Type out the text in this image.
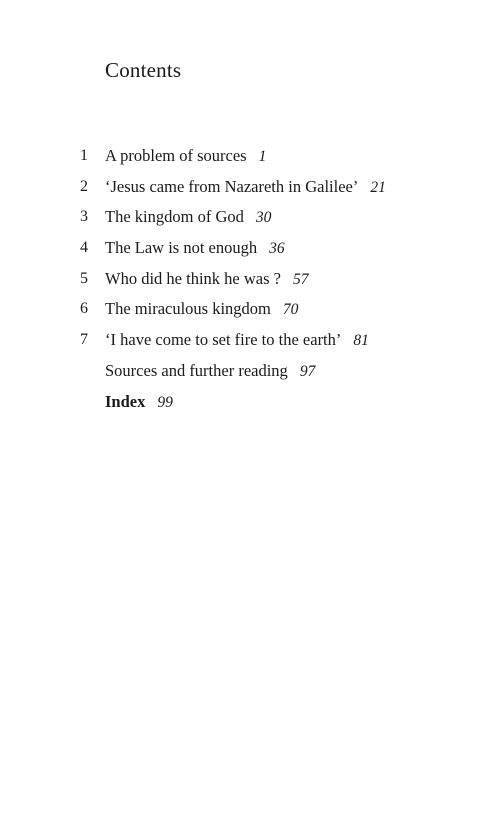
Contents
1	A problem of sources 1
2	‘Jesus came from Nazareth in Galilee’ 21
3	The kingdom of God 30
4	The Law is not enough 36
5	Who did he think he was ? 57
6	The miraculous kingdom 70
7	‘I have come to set fire to the earth’ 81
Sources and further reading 97
Index 99
